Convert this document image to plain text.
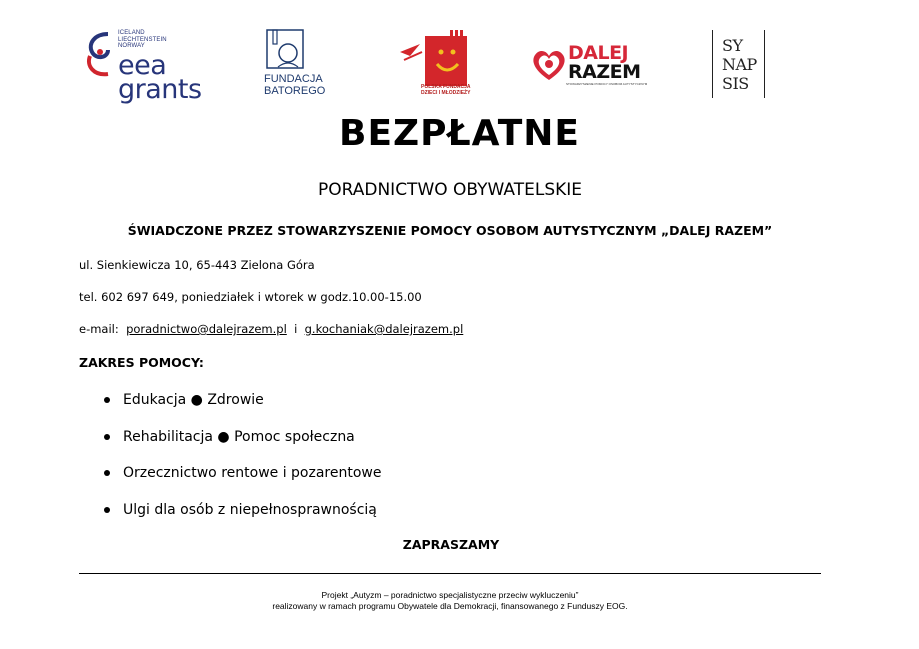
ICELAND
LIECHTENSTEIN
NORWAY
eea
grants	FUNDACJA
BATOREGO	POLSKA FUNDACJA
DZIECI I MŁODZIEŻY
DALEJ
RAZEM
STOWARZYSZENIE POMOCY OSOBOM AUTYSTYCZNYM
SY
NAP
SIS
BEZPŁATNE
PORADNICTWO OBYWATELSKIE
ŚWIADCZONE PRZEZ STOWARZYSZENIE POMOCY OSOBOM AUTYSTYCZNYM „DALEJ RAZEM”
ul. Sienkiewicza 10, 65-443 Zielona Góra
tel. 602 697 649, poniedziałek i wtorek w godz.10.00-15.00
e-mail: poradnictwo@dalejrazem.pl i g.kochaniak@dalejrazem.pl
ZAKRES POMOCY:
Edukacja ● Zdrowie
Rehabilitacja ● Pomoc społeczna
Orzecznictwo rentowe i pozarentowe
Ulgi dla osób z niepełnosprawnością
ZAPRASZAMY
Projekt „Autyzm – poradnictwo specjalistyczne przeciw wykluczeniu”
realizowany w ramach programu Obywatele dla Demokracji, finansowanego z Funduszy EOG.
